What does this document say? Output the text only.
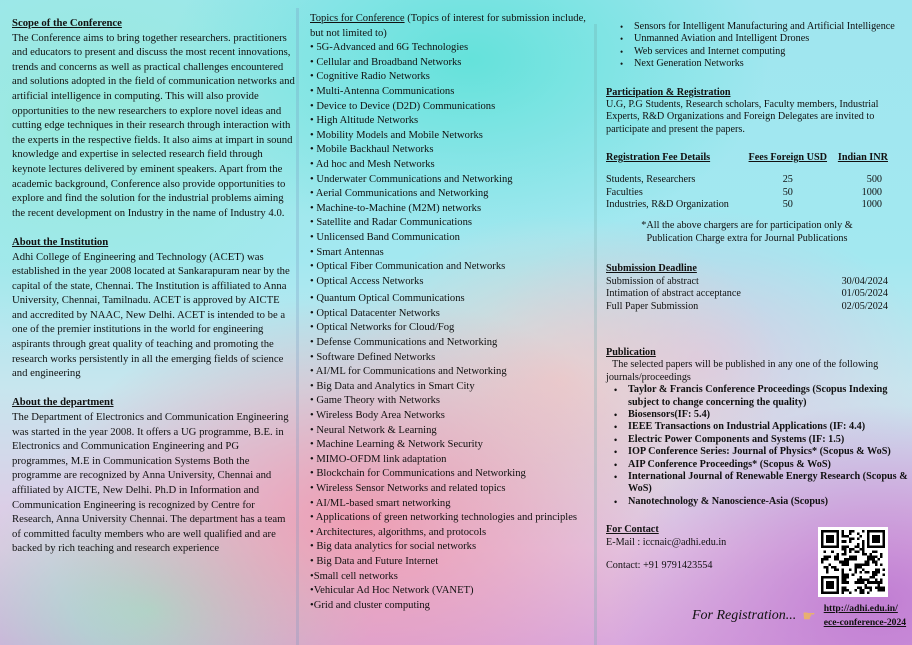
Scope of the Conference

The Conference aims to bring together researchers. practitioners and educators to present and discuss the most recent innovations, trends and concerns as well as practical challenges encountered and solutions adopted in the field of communication networks and artificial intelligence in computing. This will also provide opportunities to the new researchers to explore novel ideas and cutting edge techniques in their research through interaction with the experts in the respective fields. It also aims at impart in sound knowledge and expertise in selected research field through keynote lectures delivered by eminent speakers. Apart from the academic background, Conference also provide opportunities to explore and find the solution for the industrial problems aiming the recent development on Industry in the name of Industry 4.0.

About the Institution

Adhi College of Engineering and Technology (ACET) was established in the year 2008 located at Sankarapuram near by the capital of the state, Chennai. The Institution is affiliated to Anna

University, Chennai, Tamilnadu. ACET is approved by AICTE and accredited by NAAC, New Delhi. ACET is intended to be a one of the premier institutions in the world for engineering aspirants through great quality of teaching and promoting the research works persistently in all the emerging fields of science and engineering

About the department

The Department of Electronics and Communication Engineering was started in the year 2008. It offers a UG programme, B.E. in Electronics and Communication Engineering and PG programmes, M.E in Communication Systems Both the programme are recognized by Anna University, Chennai and affiliated by AICTE, New Delhi. Ph.D in Information and Communication Engineering is recognized by Centre for Research, Anna University Chennai. The department has a team of committed faculty members who are well qualified and are backed by rich teaching and research experience

Topics for Conference (Topics of interest for submission include, but not limited to)
• 5G-Advanced and 6G Technologies
• Cellular and Broadband Networks
• Cognitive Radio Networks
• Multi-Antenna Communications
• Device to Device (D2D) Communications
• High Altitude Networks
• Mobility Models and Mobile Networks
• Mobile Backhaul Networks
• Ad hoc and Mesh Networks
• Underwater Communications and Networking
• Aerial Communications and Networking
• Machine-to-Machine (M2M) networks
• Satellite and Radar Communications
• Unlicensed Band Communication
• Smart Antennas
• Optical Fiber Communication and Networks
• Optical Access Networks
• Quantum Optical Communications
• Optical Datacenter Networks
• Optical Networks for Cloud/Fog
• Defense Communications and Networking
• Software Defined Networks
• AI/ML for Communications and Networking
• Big Data and Analytics in Smart City
• Game Theory with Networks
• Wireless Body Area Networks
• Neural Network & Learning
• Machine Learning & Network Security
• MIMO-OFDM link adaptation
• Blockchain for Communications and Networking
• Wireless Sensor Networks and related topics
• AI/ML-based smart networking
• Applications of green networking technologies and principles
• Architectures, algorithms, and protocols
• Big data analytics for social networks
• Big Data and Future Internet
•Small cell networks
•Vehicular Ad Hoc Network (VANET)
•Grid and cluster computing
• Sensors for Intelligent Manufacturing and Artificial Intelligence
• Unmanned Aviation and Intelligent Drones
• Web services and Internet computing
• Next Generation Networks
Participation & Registration

U.G, P.G Students, Research scholars, Faculty members, Industrial Experts, R&D Organizations and Foreign Delegates are invited to participate and present the papers.

Registration Fee Details	Fees Foreign USD	Indian INR

Students, Researchers	25	500
Faculties	50	1000
Industries, R&D Organization	50	1000
*All the above chargers are for participation only &
Publication Charge extra for Journal Publications
Submission Deadline
Submission of abstract	30/04/2024
Intimation of abstract acceptance	01/05/2024
Full Paper Submission	02/05/2024
Publication

The selected papers will be published in any one of the following journals/proceedings

• Taylor & Francis Conference Proceedings (Scopus Indexing subject to change concerning the quality)
• Biosensors(IF: 5.4)
• IEEE Transactions on Industrial Applications (IF: 4.4)
• Electric Power Components and Systems (IF: 1.5)
• IOP Conference Series: Journal of Physics* (Scopus & WoS)
• AIP Conference Proceedings* (Scopus & WoS)
• International Journal of Renewable Energy Research (Scopus & WoS)
• Nanotechnology & Nanoscience-Asia (Scopus)
For Contact

E-Mail : iccnaic@adhi.edu.in

Contact: +91 9791423554

For Registration... ☛ http://adhi.edu.in/
ece-conference-2024
